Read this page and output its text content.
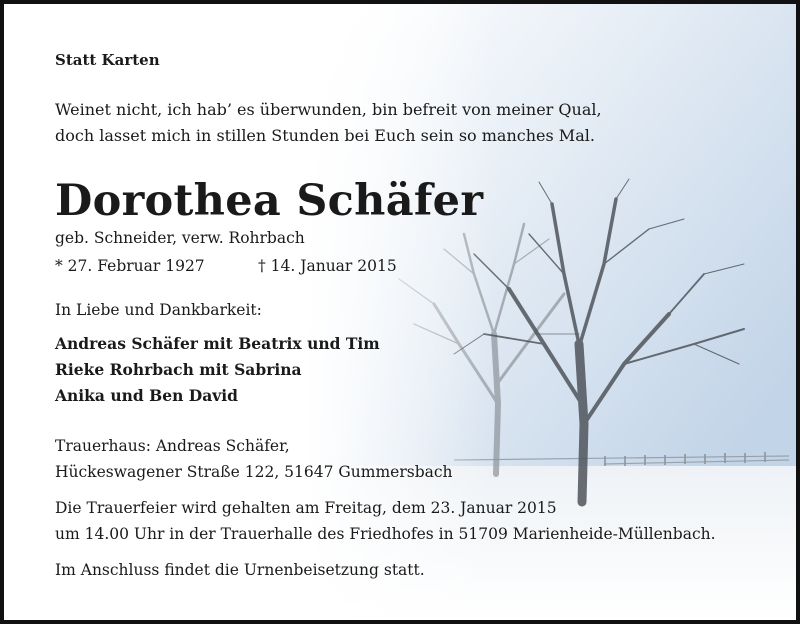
Statt Karten
Weinet nicht, ich hab’ es überwunden, bin befreit von meiner Qual,
doch lasset mich in stillen Stunden bei Euch sein so manches Mal.
Dorothea Schäfer
geb. Schneider, verw. Rohrbach
* 27. Februar 1927	† 14. Januar 2015
In Liebe und Dankbarkeit:
Andreas Schäfer mit Beatrix und Tim
Rieke Rohrbach mit Sabrina
Anika und Ben David
Trauerhaus: Andreas Schäfer,
Hückeswagener Straße 122, 51647 Gummersbach
Die Trauerfeier wird gehalten am Freitag, dem 23. Januar 2015
um 14.00 Uhr in der Trauerhalle des Friedhofes in 51709 Marienheide-Müllenbach.
Im Anschluss findet die Urnenbeisetzung statt.
